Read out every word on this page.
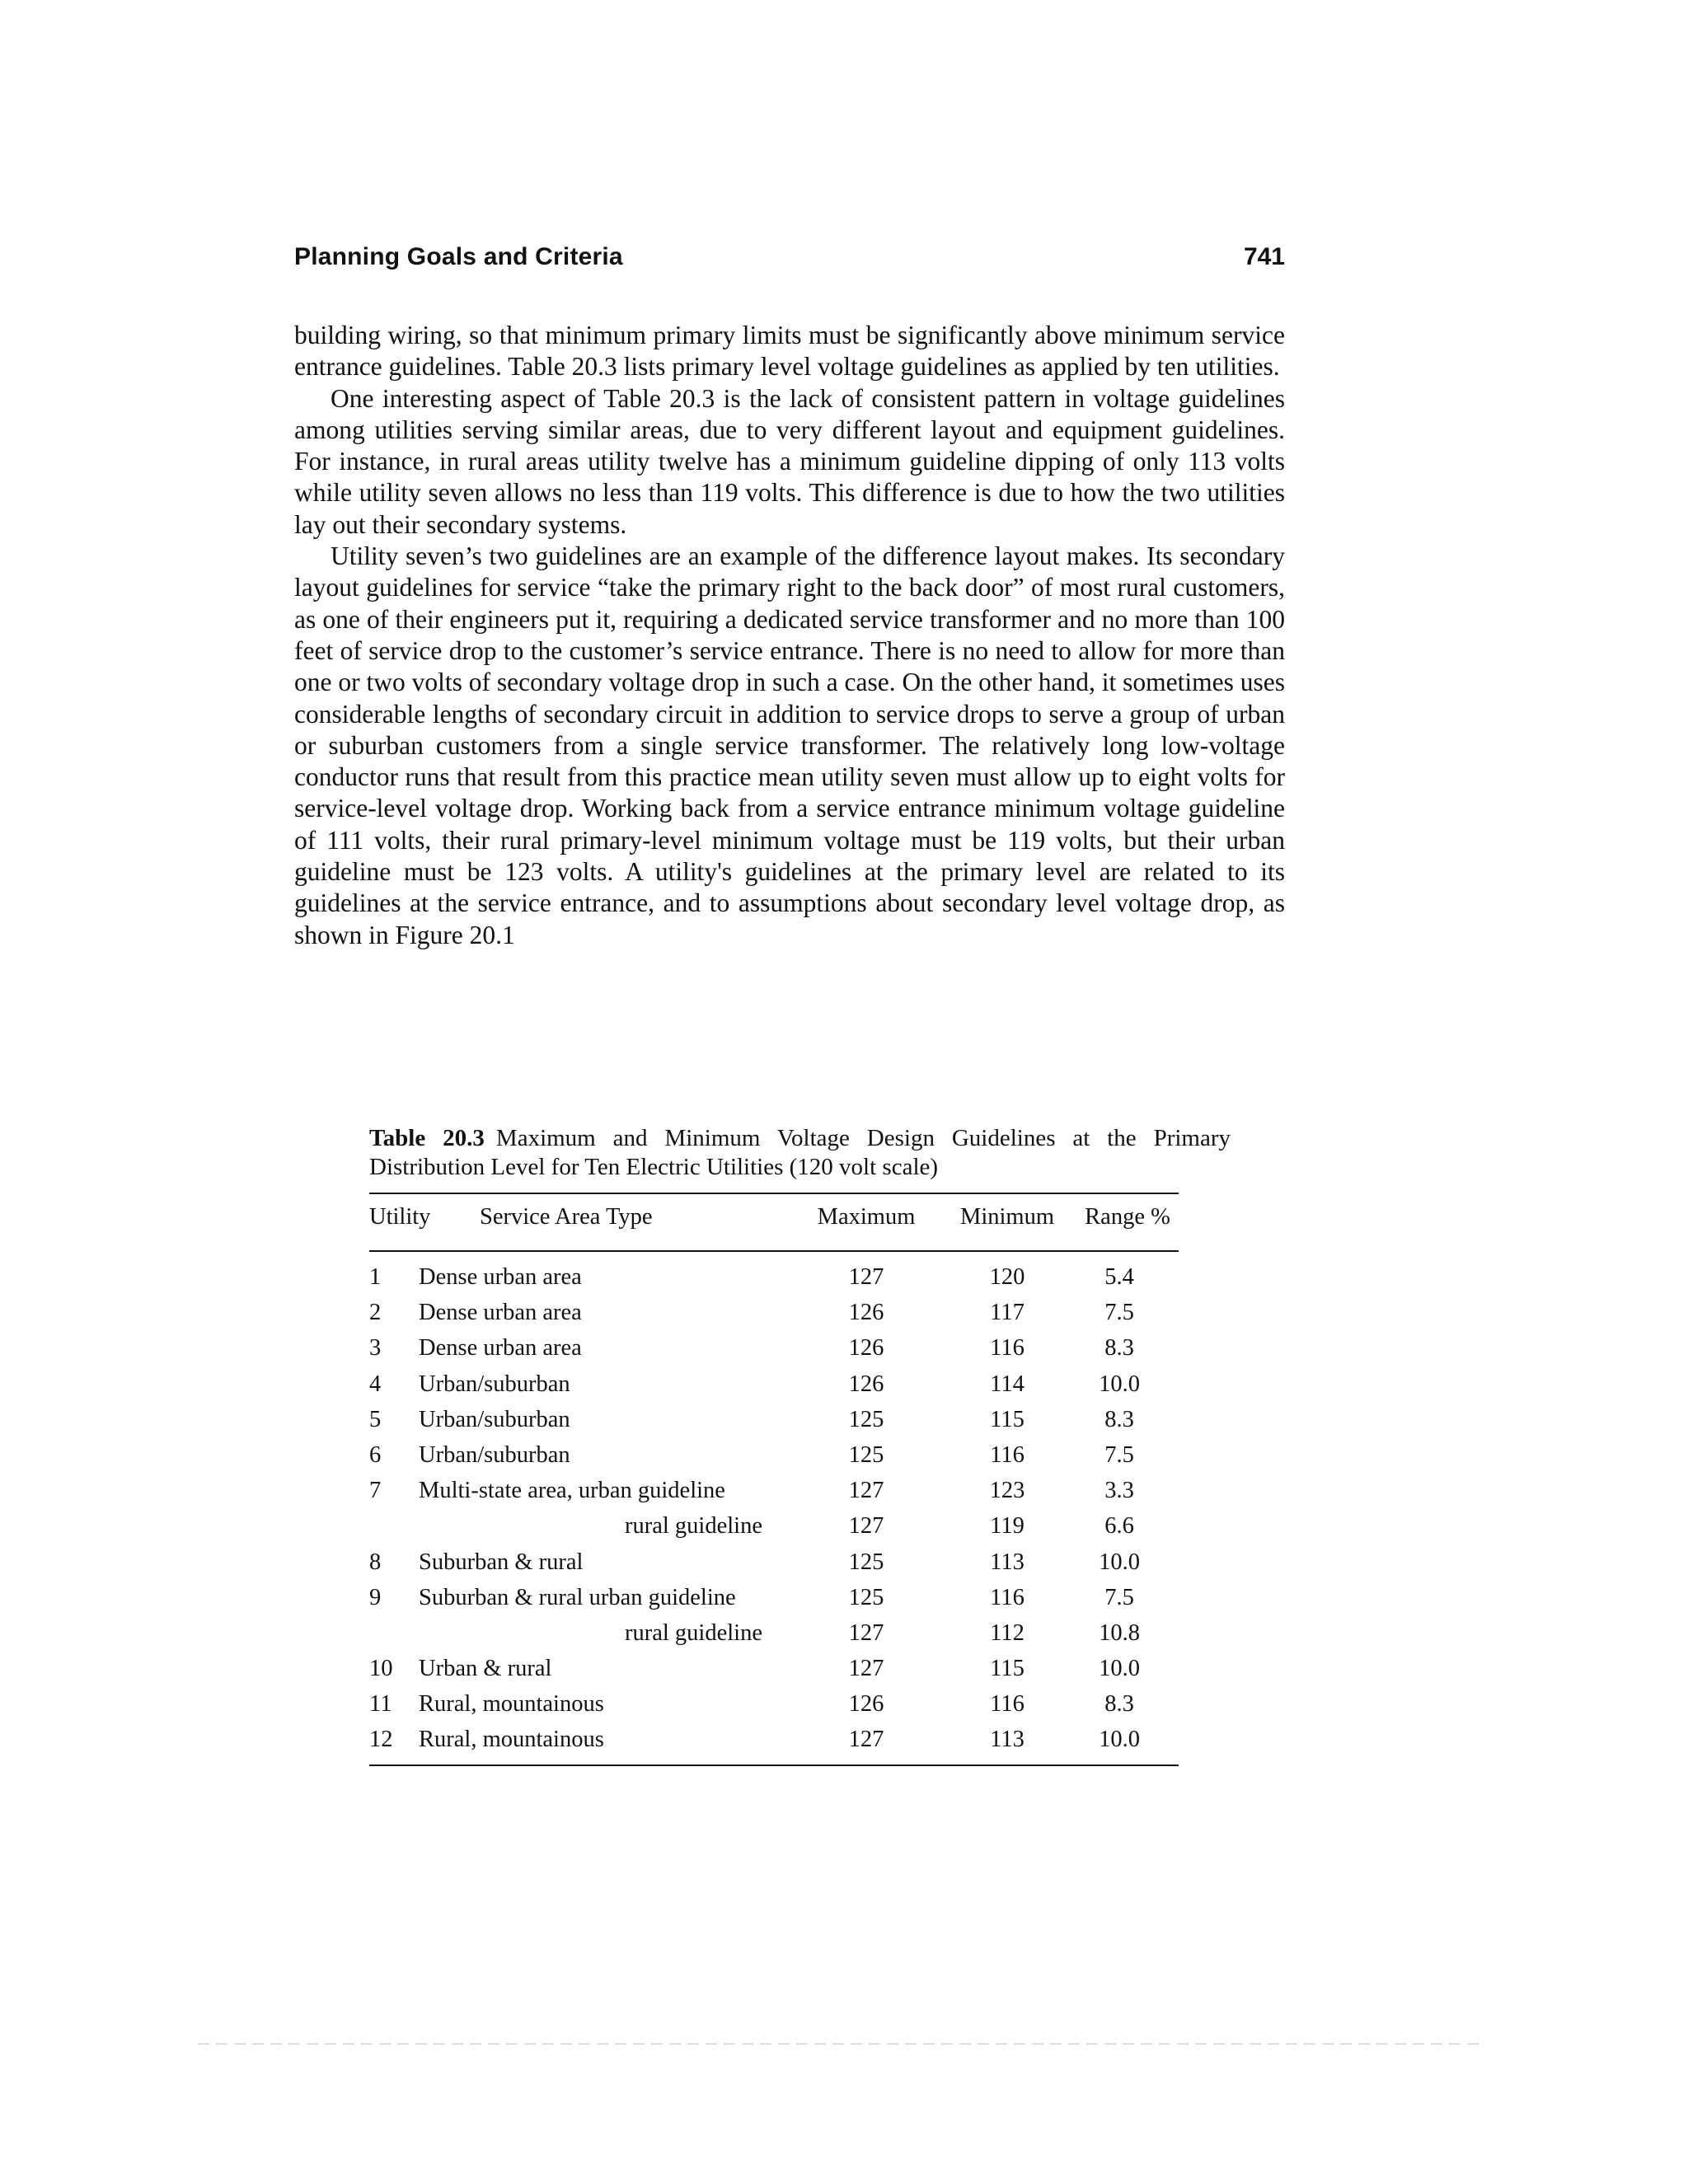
Planning Goals and Criteria	741

building wiring, so that minimum primary limits must be significantly above minimum service entrance guidelines. Table 20.3 lists primary level voltage guidelines as applied by ten utilities.

One interesting aspect of Table 20.3 is the lack of consistent pattern in voltage guidelines among utilities serving similar areas, due to very different layout and equipment guidelines. For instance, in rural areas utility twelve has a minimum guideline dipping of only 113 volts while utility seven allows no less than 119 volts. This difference is due to how the two utilities lay out their secondary systems.

Utility seven’s two guidelines are an example of the difference layout makes. Its secondary layout guidelines for service “take the primary right to the back door” of most rural customers, as one of their engineers put it, requiring a dedicated service transformer and no more than 100 feet of service drop to the customer’s service entrance. There is no need to allow for more than one or two volts of secondary voltage drop in such a case. On the other hand, it sometimes uses considerable lengths of secondary circuit in addition to service drops to serve a group of urban or suburban customers from a single service transformer. The relatively long low-voltage conductor runs that result from this practice mean utility seven must allow up to eight volts for service-level voltage drop. Working back from a service entrance minimum voltage guideline of 111 volts, their rural primary-level minimum voltage must be 119 volts, but their urban guideline must be 123 volts. A utility's guidelines at the primary level are related to its guidelines at the service entrance, and to assumptions about secondary level voltage drop, as shown in Figure 20.1

Table 20.3 Maximum and Minimum Voltage Design Guidelines at the Primary Distribution Level for Ten Electric Utilities (120 volt scale)

Utility Service Area Type	Maximum	Minimum	Range %
1 Dense urban area	127	120	5.4
2 Dense urban area	126	117	7.5
3 Dense urban area	126	116	8.3
4 Urban/suburban	126	114	10.0
5 Urban/suburban	125	115	8.3
6 Urban/suburban	125	116	7.5
7 Multi-state area, urban guideline	127	123	3.3
rural guideline	127	119	6.6
8 Suburban & rural	125	113	10.0
9 Suburban & rural urban guideline	125	116	7.5
rural guideline	127	112	10.8
10 Urban & rural	127	115	10.0
11 Rural, mountainous	126	116	8.3
12 Rural, mountainous	127	113	10.0
